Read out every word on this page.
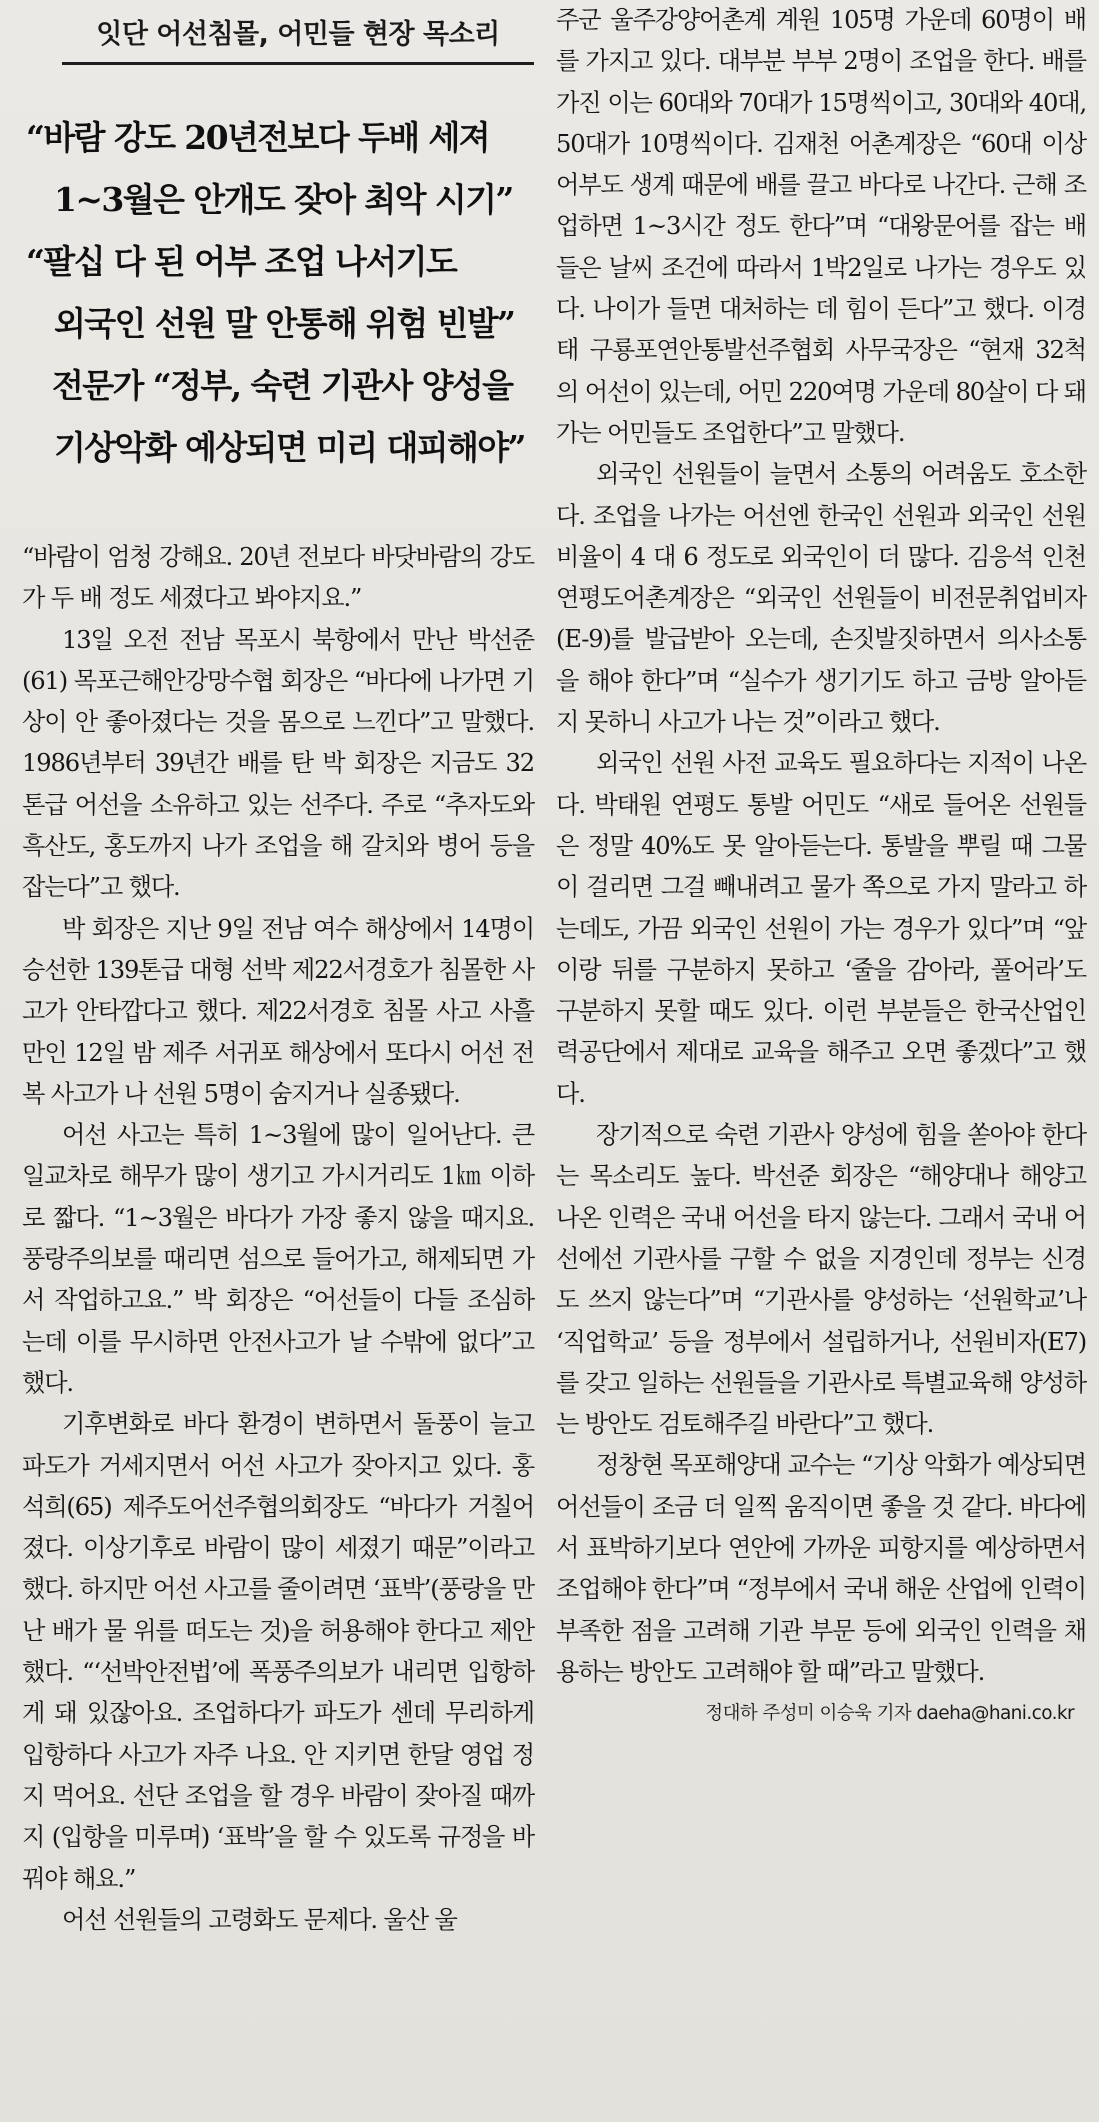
잇단 어선침몰, 어민들 현장 목소리
“바람 강도 20년전보다 두배 세져
1~3월은 안개도 잦아 최악 시기”
“팔십 다 된 어부 조업 나서기도
외국인 선원 말 안통해 위험 빈발”
전문가 “정부, 숙련 기관사 양성을
기상악화 예상되면 미리 대피해야”

“바람이 엄청 강해요. 20년 전보다 바닷바람의 강도가 두 배 정도 세졌다고 봐야지요.”

13일 오전 전남 목포시 북항에서 만난 박선준(61) 목포근해안강망수협 회장은 “바다에 나가면 기상이 안 좋아졌다는 것을 몸으로 느낀다”고 말했다. 1986년부터 39년간 배를 탄 박 회장은 지금도 32톤급 어선을 소유하고 있는 선주다. 주로 “추자도와 흑산도, 홍도까지 나가 조업을 해 갈치와 병어 등을 잡는다”고 했다.

박 회장은 지난 9일 전남 여수 해상에서 14명이 승선한 139톤급 대형 선박 제22서경호가 침몰한 사고가 안타깝다고 했다. 제22서경호 침몰 사고 사흘 만인 12일 밤 제주 서귀포 해상에서 또다시 어선 전복 사고가 나 선원 5명이 숨지거나 실종됐다.

어선 사고는 특히 1~3월에 많이 일어난다. 큰 일교차로 해무가 많이 생기고 가시거리도 1㎞ 이하로 짧다. “1~3월은 바다가 가장 좋지 않을 때지요. 풍랑주의보를 때리면 섬으로 들어가고, 해제되면 가서 작업하고요.” 박 회장은 “어선들이 다들 조심하는데 이를 무시하면 안전사고가 날 수밖에 없다”고 했다.

기후변화로 바다 환경이 변하면서 돌풍이 늘고 파도가 거세지면서 어선 사고가 잦아지고 있다. 홍석희(65) 제주도어선주협의회장도 “바다가 거칠어졌다. 이상기후로 바람이 많이 세졌기 때문”이라고 했다. 하지만 어선 사고를 줄이려면 ‘표박’(풍랑을 만난 배가 물 위를 떠도는 것)을 허용해야 한다고 제안했다. “‘선박안전법’에 폭풍주의보가 내리면 입항하게 돼 있잖아요. 조업하다가 파도가 센데 무리하게 입항하다 사고가 자주 나요. 안 지키면 한달 영업 정지 먹어요. 선단 조업을 할 경우 바람이 잦아질 때까지 (입항을 미루며) ‘표박’을 할 수 있도록 규정을 바꿔야 해요.”

어선 선원들의 고령화도 문제다. 울산 울

주군 울주강양어촌계 계원 105명 가운데 60명이 배를 가지고 있다. 대부분 부부 2명이 조업을 한다. 배를 가진 이는 60대와 70대가 15명씩이고, 30대와 40대, 50대가 10명씩이다. 김재천 어촌계장은 “60대 이상 어부도 생계 때문에 배를 끌고 바다로 나간다. 근해 조업하면 1~3시간 정도 한다”며 “대왕문어를 잡는 배들은 날씨 조건에 따라서 1박2일로 나가는 경우도 있다. 나이가 들면 대처하는 데 힘이 든다”고 했다. 이경태 구룡포연안통발선주협회 사무국장은 “현재 32척의 어선이 있는데, 어민 220여명 가운데 80살이 다 돼가는 어민들도 조업한다”고 말했다.

외국인 선원들이 늘면서 소통의 어려움도 호소한다. 조업을 나가는 어선엔 한국인 선원과 외국인 선원 비율이 4 대 6 정도로 외국인이 더 많다. 김응석 인천 연평도어촌계장은 “외국인 선원들이 비전문취업비자(E-9)를 발급받아 오는데, 손짓발짓하면서 의사소통을 해야 한다”며 “실수가 생기기도 하고 금방 알아듣지 못하니 사고가 나는 것”이라고 했다.

외국인 선원 사전 교육도 필요하다는 지적이 나온다. 박태원 연평도 통발 어민도 “새로 들어온 선원들은 정말 40%도 못 알아듣는다. 통발을 뿌릴 때 그물이 걸리면 그걸 빼내려고 물가 쪽으로 가지 말라고 하는데도, 가끔 외국인 선원이 가는 경우가 있다”며 “앞이랑 뒤를 구분하지 못하고 ‘줄을 감아라, 풀어라’도 구분하지 못할 때도 있다. 이런 부분들은 한국산업인력공단에서 제대로 교육을 해주고 오면 좋겠다”고 했다.

장기적으로 숙련 기관사 양성에 힘을 쏟아야 한다는 목소리도 높다. 박선준 회장은 “해양대나 해양고 나온 인력은 국내 어선을 타지 않는다. 그래서 국내 어선에선 기관사를 구할 수 없을 지경인데 정부는 신경도 쓰지 않는다”며 “기관사를 양성하는 ‘선원학교’나 ‘직업학교’ 등을 정부에서 설립하거나, 선원비자(E7)를 갖고 일하는 선원들을 기관사로 특별교육해 양성하는 방안도 검토해주길 바란다”고 했다.

정창현 목포해양대 교수는 “기상 악화가 예상되면 어선들이 조금 더 일찍 움직이면 좋을 것 같다. 바다에서 표박하기보다 연안에 가까운 피항지를 예상하면서 조업해야 한다”며 “정부에서 국내 해운 산업에 인력이 부족한 점을 고려해 기관 부문 등에 외국인 인력을 채용하는 방안도 고려해야 할 때”라고 말했다.

정대하 주성미 이승욱 기자 daeha@hani.co.kr
